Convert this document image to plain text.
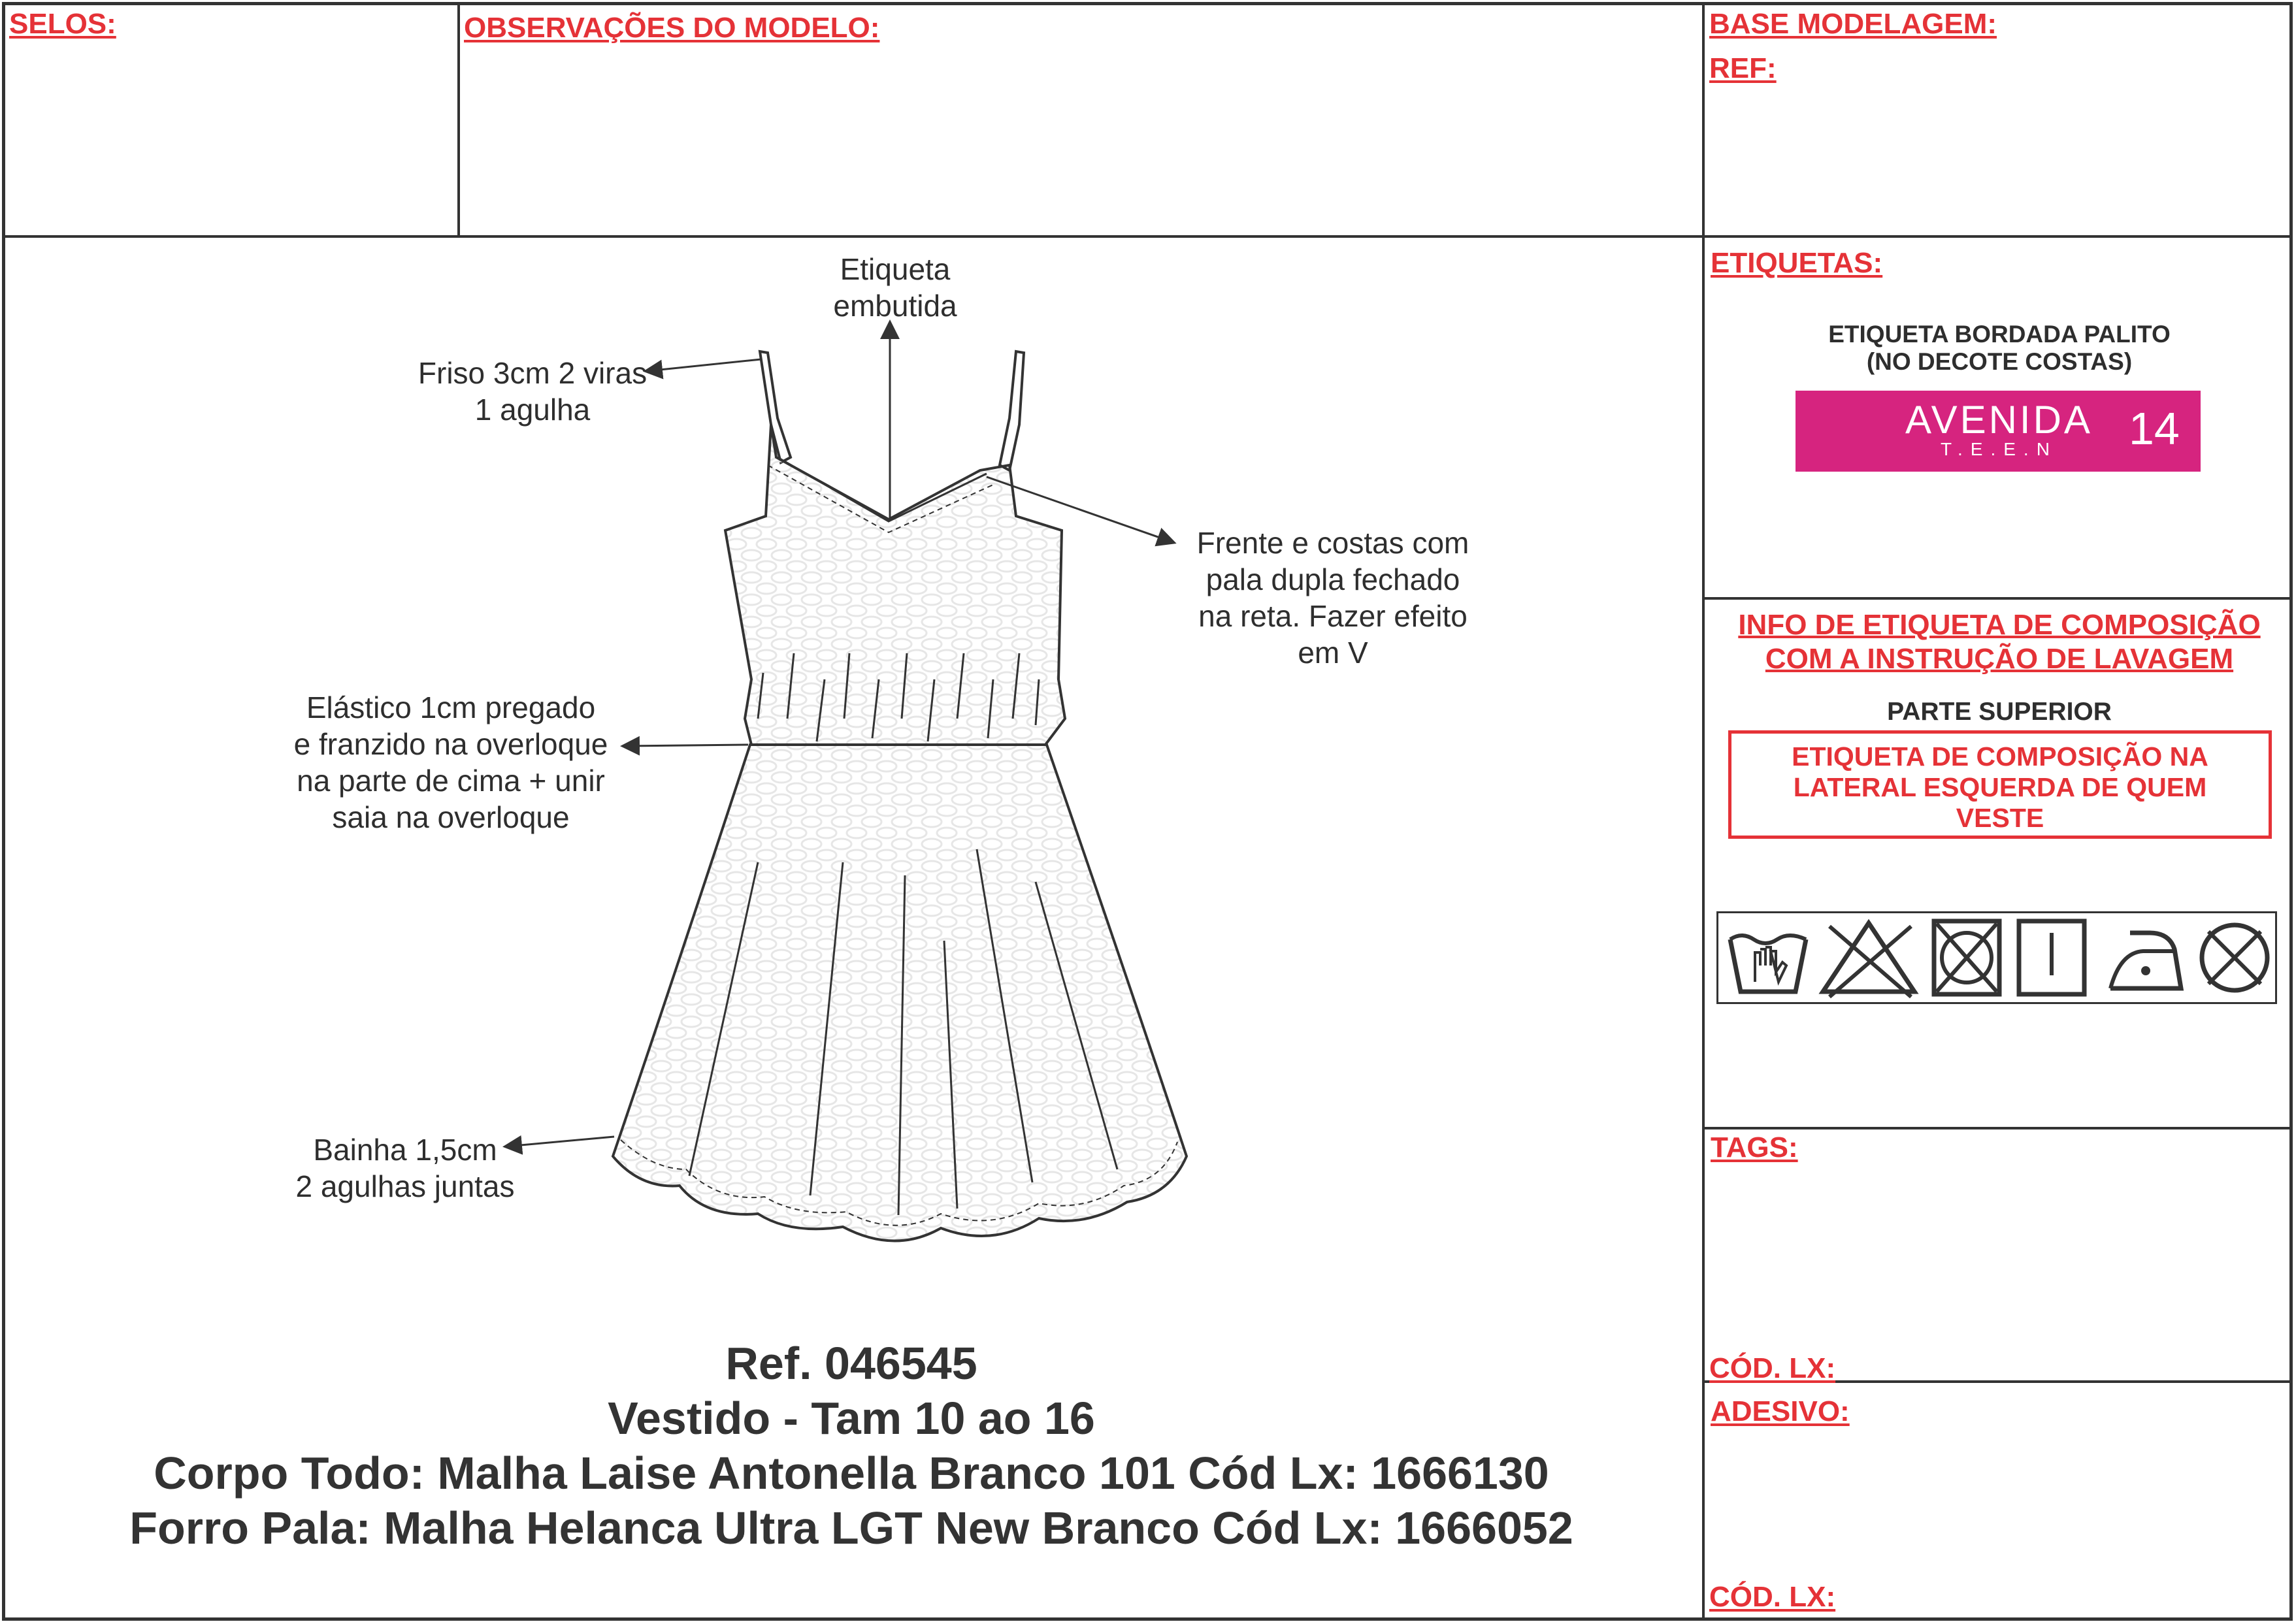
SELOS:	OBSERVAÇÕES DO MODELO:	BASE MODELAGEM:
REF:
Etiqueta
embutida
Friso 3cm 2 viras
1 agulha
Frente e costas com
pala dupla fechado
na reta. Fazer efeito
em V
Elástico 1cm pregado
e franzido na overloque
na parte de cima + unir
saia na overloque
Bainha 1,5cm
2 agulhas juntas
Ref. 046545
Vestido - Tam 10 ao 16
Corpo Todo: Malha Laise Antonella Branco 101 Cód Lx: 1666130
Forro Pala: Malha Helanca Ultra LGT New Branco Cód Lx: 1666052
ETIQUETAS:
ETIQUETA BORDADA PALITO
(NO DECOTE COSTAS)
AVENIDA
T.E.E.N 14
INFO DE ETIQUETA DE COMPOSIÇÃO
COM A INSTRUÇÃO DE LAVAGEM
PARTE SUPERIOR
ETIQUETA DE COMPOSIÇÃO NA
LATERAL ESQUERDA DE QUEM
VESTE
TAGS:
CÓD. LX:
ADESIVO:
CÓD. LX:
